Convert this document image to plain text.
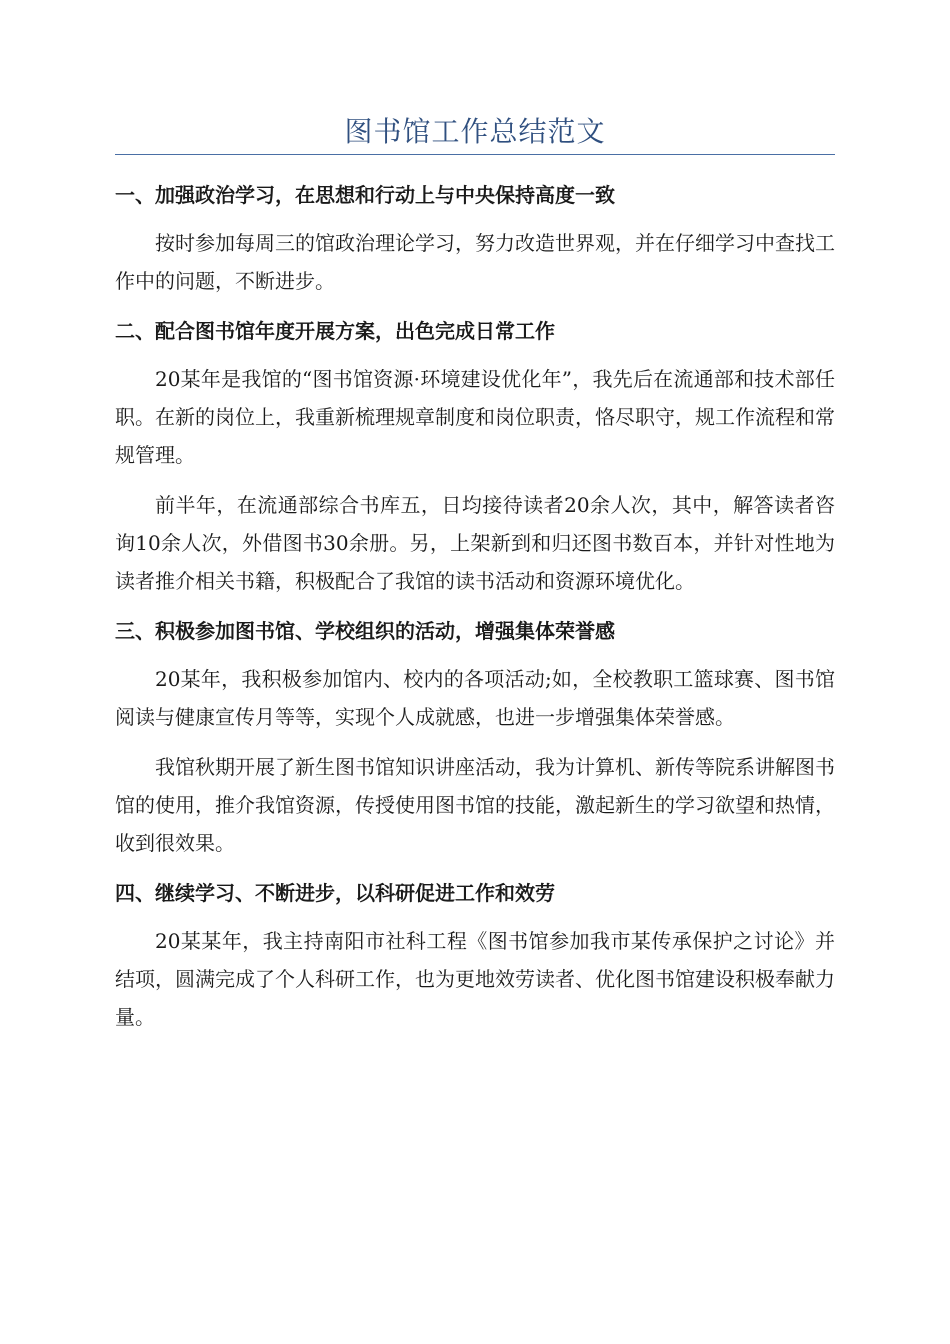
图书馆工作总结范文
一、加强政治学习，在思想和行动上与中央保持高度一致

按时参加每周三的馆政治理论学习，努力改造世界观，并在仔细学习中查找工作中的问题，不断进步。

二、配合图书馆年度开展方案，出色完成日常工作

20某年是我馆的“图书馆资源·环境建设优化年”，我先后在流通部和技术部任职。在新的岗位上，我重新梳理规章制度和岗位职责，恪尽职守，规工作流程和常规管理。

前半年，在流通部综合书库五，日均接待读者20余人次，其中，解答读者咨询10余人次，外借图书30余册。另，上架新到和归还图书数百本，并针对性地为读者推介相关书籍，积极配合了我馆的读书活动和资源环境优化。

三、积极参加图书馆、学校组织的活动，增强集体荣誉感

20某年，我积极参加馆内、校内的各项活动;如，全校教职工篮球赛、图书馆阅读与健康宣传月等等，实现个人成就感，也进一步增强集体荣誉感。

我馆秋期开展了新生图书馆知识讲座活动，我为计算机、新传等院系讲解图书馆的使用，推介我馆资源，传授使用图书馆的技能，激起新生的学习欲望和热情，收到很效果。

四、继续学习、不断进步，以科研促进工作和效劳

20某某年，我主持南阳市社科工程《图书馆参加我市某传承保护之讨论》并结项，圆满完成了个人科研工作，也为更地效劳读者、优化图书馆建设积极奉献力量。
